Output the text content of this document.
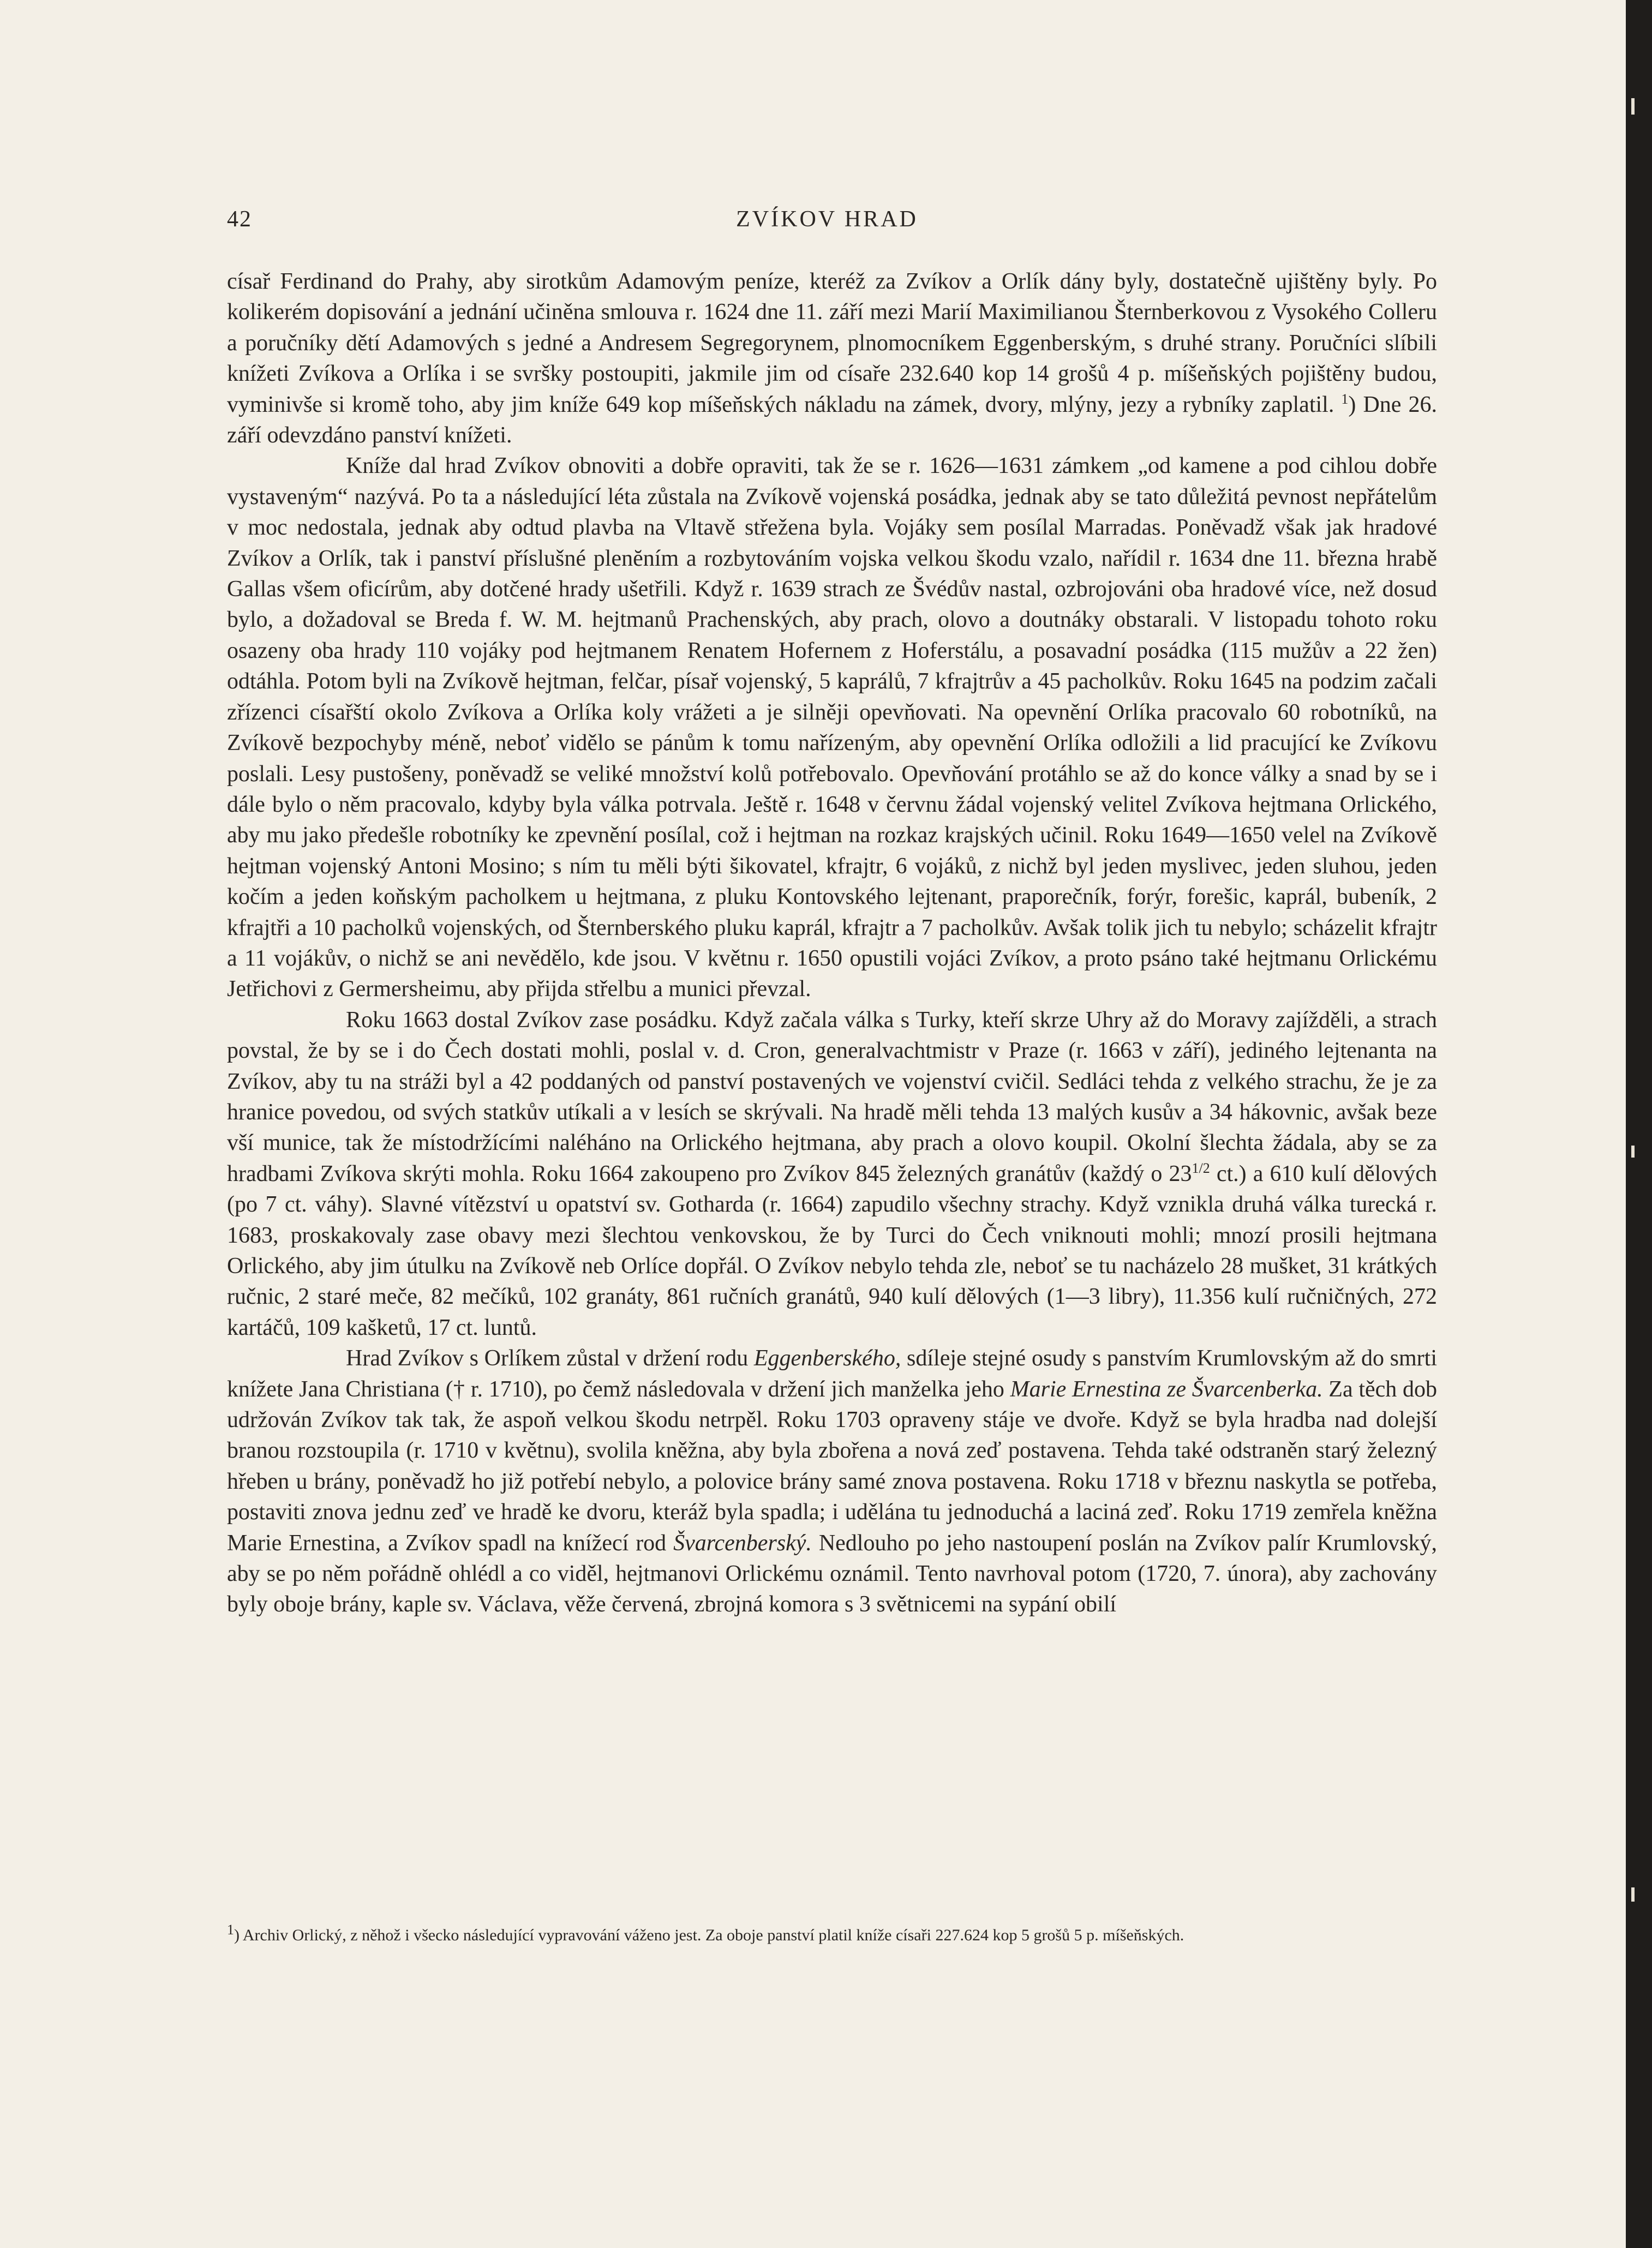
42	ZVÍKOV HRAD

císař Ferdinand do Prahy, aby sirotkům Adamovým peníze, kteréž za Zvíkov a Orlík dány byly, dostatečně ujištěny byly. Po kolikerém dopisování a jednání učiněna smlouva r. 1624 dne 11. září mezi Marií Maximilianou Šternberkovou z Vysokého Colleru a poručníky dětí Adamových s jedné a Andresem Segregorynem, plnomocníkem Eggenberským, s druhé strany. Poručníci slíbili knížeti Zvíkova a Orlíka i se svršky postoupiti, jakmile jim od císaře 232.640 kop 14 grošů 4 p. míšeňských pojištěny budou, vyminivše si kromě toho, aby jim kníže 649 kop míšeňských nákladu na zámek, dvory, mlýny, jezy a rybníky zaplatil. $^1$) Dne 26. září odevzdáno panství knížeti.

Kníže dal hrad Zvíkov obnoviti a dobře opraviti, tak že se r. 1626—1631 zámkem „od kamene a pod cihlou dobře vystaveným“ nazývá. Po ta a následující léta zůstala na Zvíkově vojenská posádka, jednak aby se tato důležitá pevnost nepřátelům v moc nedostala, jednak aby odtud plavba na Vltavě střežena byla. Vojáky sem posílal Marradas. Poněvadž však jak hradové Zvíkov a Orlík, tak i panství příslušné plenĕním a rozbytováním vojska velkou škodu vzalo, nařídil r. 1634 dne 11. března hrabě Gallas všem oficírům, aby dotčené hrady ušetřili. Když r. 1639 strach ze Švédův nastal, ozbrojováni oba hradové více, než dosud bylo, a dožadoval se Breda f. W. M. hejtmanů Prachenských, aby prach, olovo a doutnáky obstarali. V listopadu tohoto roku osazeny oba hrady 110 vojáky pod hejtmanem Renatem Hofernem z Hoferstálu, a posavadní posádka (115 mužův a 22 žen) odtáhla. Potom byli na Zvíkově hejtman, felčar, písař vojenský, 5 kaprálů, 7 kfrajtrův a 45 pacholkův. Roku 1645 na podzim začali zřízenci císařští okolo Zvíkova a Orlíka koly vrážeti a je silněji opevňovati. Na opevnění Orlíka pracovalo 60 robotníků, na Zvíkově bezpochyby méně, neboť vidělo se pánům k tomu nařízeným, aby opevnění Orlíka odložili a lid pracující ke Zvíkovu poslali. Lesy pustošeny, poněvadž se veliké množství kolů potřebovalo. Opevňování protáhlo se až do konce války a snad by se i dále bylo o něm pracovalo, kdyby byla válka potrvala. Ještě r. 1648 v červnu žádal vojenský velitel Zvíkova hejtmana Orlického, aby mu jako předešle robotníky ke zpevnění posílal, což i hejtman na rozkaz krajských učinil. Roku 1649—1650 velel na Zvíkově hejtman vojenský Antoni Mosino; s ním tu měli býti šikovatel, kfrajtr, 6 vojáků, z nichž byl jeden myslivec, jeden sluhou, jeden kočím a jeden koňským pacholkem u hejtmana, z pluku Kontovského lejtenant, praporečník, forýr, forešic, kaprál, bubeník, 2 kfrajtři a 10 pacholků vojenských, od Šternberského pluku kaprál, kfrajtr a 7 pacholkův. Avšak tolik jich tu nebylo; scházelit kfrajtr a 11 vojákův, o nichž se ani nevědělo, kde jsou. V květnu r. 1650 opustili vojáci Zvíkov, a proto psáno také hejtmanu Orlickému Jetřichovi z Germersheimu, aby přijda střelbu a munici převzal.

Roku 1663 dostal Zvíkov zase posádku. Když začala válka s Turky, kteří skrze Uhry až do Moravy zajížděli, a strach povstal, že by se i do Čech dostati mohli, poslal v. d. Cron, generalvachtmistr v Praze (r. 1663 v září), jediného lejtenanta na Zvíkov, aby tu na stráži byl a 42 poddaných od panství postavených ve vojenství cvičil. Sedláci tehda z velkého strachu, že je za hranice povedou, od svých statkův utíkali a v lesích se skrývali. Na hradě měli tehda 13 malých kusův a 34 hákovnic, avšak beze vší munice, tak že místodržícími naléháno na Orlického hejtmana, aby prach a olovo koupil. Okolní šlechta žádala, aby se za hradbami Zvíkova skrýti mohla. Roku 1664 zakoupeno pro Zvíkov 845 železných granátův (každý o $23^{1/2}$ ct.) a 610 kulí dělových (po 7 ct. váhy). Slavné vítězství u opatství sv. Gotharda (r. 1664) zapudilo všechny strachy. Když vznikla druhá válka turecká r. 1683, proskakovaly zase obavy mezi šlechtou venkovskou, že by Turci do Čech vniknouti mohli; mnozí prosili hejtmana Orlického, aby jim útulku na Zvíkově neb Orlíce dopřál. O Zvíkov nebylo tehda zle, neboť se tu nacházelo 28 mušket, 31 krátkých ručnic, 2 staré meče, 82 mečíků, 102 granáty, 861 ručních granátů, 940 kulí dělových (1—3 libry), 11.356 kulí ručničných, 272 kartáčů, 109 kašketů, 17 ct. luntů.

Hrad Zvíkov s Orlíkem zůstal v držení rodu Eggenberského, sdíleje stejné osudy s panstvím Krumlovským až do smrti knížete Jana Christiana († r. 1710), po čemž následovala v držení jich manželka jeho Marie Ernestina ze Švarcenberka. Za těch dob udržován Zvíkov tak tak, že aspoň velkou škodu netrpěl. Roku 1703 opraveny stáje ve dvoře. Když se byla hradba nad dolejší branou rozstoupila (r. 1710 v květnu), svolila kněžna, aby byla zbořena a nová zeď postavena. Tehda také odstraněn starý železný hřeben u brány, poněvadž ho již potřebí nebylo, a polovice brány samé znova postavena. Roku 1718 v březnu naskytla se potřeba, postaviti znova jednu zeď ve hradě ke dvoru, kteráž byla spadla; i udělána tu jednoduchá a laciná zeď. Roku 1719 zemřela kněžna Marie Ernestina, a Zvíkov spadl na knížecí rod Švarcenberský. Nedlouho po jeho nastoupení poslán na Zvíkov palír Krumlovský, aby se po něm pořádně ohlédl a co viděl, hejtmanovi Orlickému oznámil. Tento navrhoval potom (1720, 7. února), aby zachovány byly oboje brány, kaple sv. Václava, věže červená, zbrojná komora s 3 světnicemi na sypání obilí

$^1$) Archiv Orlický, z něhož i všecko následující vypravování váženo jest. Za oboje panství platil kníže císaři 227.624 kop 5 grošů 5 p. míšeňských.
